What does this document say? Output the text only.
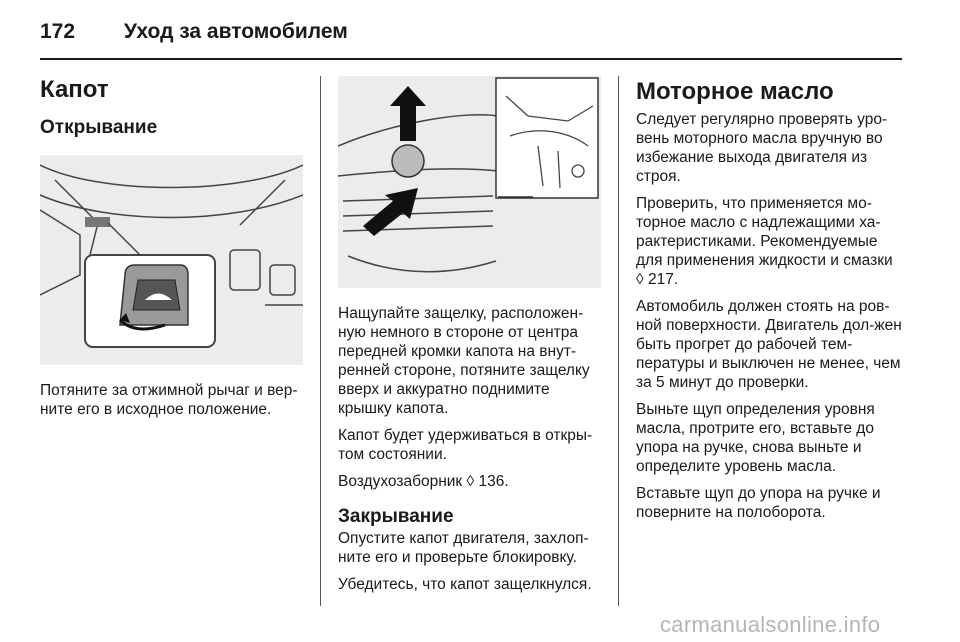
172 Уход за автомобилем
Капот
Открывание

Потяните за отжимной рычаг и вер-ните его в исходное положение.

Нащупайте защелку, расположен-ную немного в стороне от центра передней кромки капота на внут-ренней стороне, потяните защелку вверх и аккуратно поднимите крышку капота.

Капот будет удерживаться в откры-том состоянии.

Воздухозаборник ◊ 136.

Закрывание

Опустите капот двигателя, захлоп-ните его и проверьте блокировку.

Убедитесь, что капот защелкнулся.

Моторное масло

Следует регулярно проверять уро-вень моторного масла вручную во избежание выхода двигателя из строя.

Проверить, что применяется мо-торное масло с надлежащими ха-рактеристиками. Рекомендуемые для применения жидкости и смазки ◊ 217.

Автомобиль должен стоять на ров-ной поверхности. Двигатель дол-жен быть прогрет до рабочей тем-пературы и выключен не менее, чем за 5 минут до проверки.

Выньте щуп определения уровня масла, протрите его, вставьте до упора на ручке, снова выньте и определите уровень масла.

Вставьте щуп до упора на ручке и поверните на полоборота.

carmanualsonline.info
